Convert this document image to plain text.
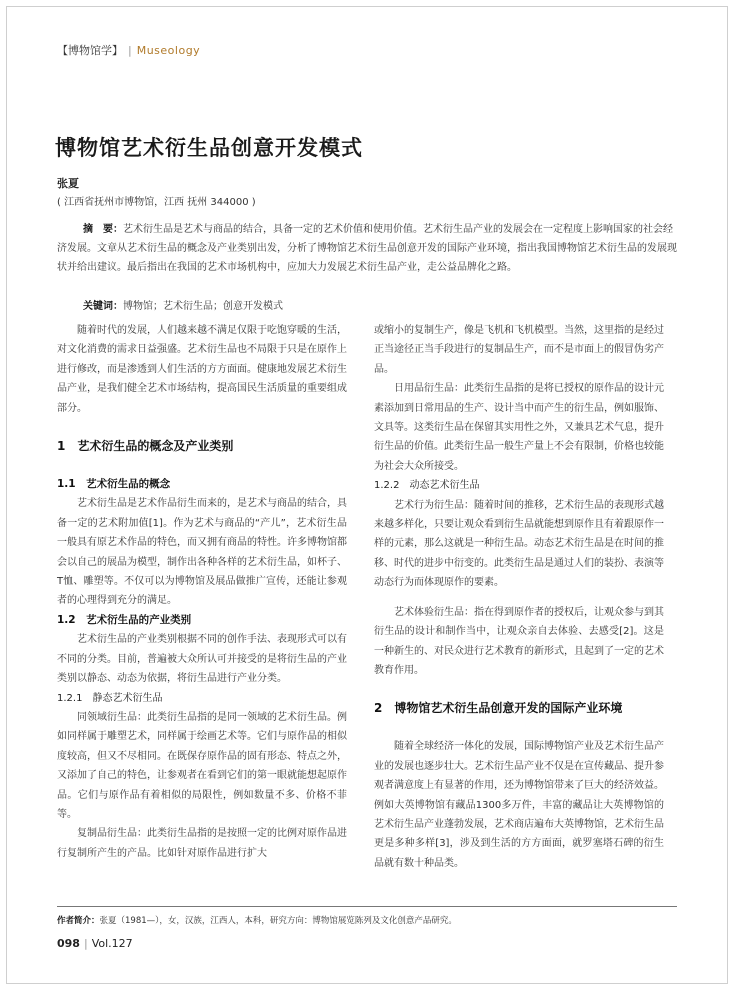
【博物馆学】 | Museology
博物馆艺术衍生品创意开发模式
张夏
( 江西省抚州市博物馆，江西 抚州 344000 )
摘　要：艺术衍生品是艺术与商品的结合，具备一定的艺术价值和使用价值。艺术衍生品产业的发展会在一定程度上影响国家的社会经济发展。文章从艺术衍生品的概念及产业类别出发，分析了博物馆艺术衍生品创意开发的国际产业环境，指出我国博物馆艺术衍生品的发展现状并给出建议。最后指出在我国的艺术市场机构中，应加大力发展艺术衍生品产业，走公益品牌化之路。
关键词：博物馆；艺术衍生品；创意开发模式

随着时代的发展，人们越来越不满足仅限于吃饱穿暖的生活，对文化消费的需求日益强盛。艺术衍生品也不局限于只是在原作上进行修改，而是渗透到人们生活的方方面面。健康地发展艺术衍生品产业，是我们健全艺术市场结构，提高国民生活质量的重要组成部分。

1　艺术衍生品的概念及产业类别
1.1　艺术衍生品的概念

艺术衍生品是艺术作品衍生而来的，是艺术与商品的结合，具备一定的艺术附加值[1]。作为艺术与商品的“产儿”，艺术衍生品一般具有原艺术作品的特色，而又拥有商品的特性。许多博物馆都会以自己的展品为模型，制作出各种各样的艺术衍生品，如杯子、T恤、雕塑等。不仅可以为博物馆及展品做推广宣传，还能让参观者的心理得到充分的满足。

1.2　艺术衍生品的产业类别

艺术衍生品的产业类别根据不同的创作手法、表现形式可以有不同的分类。目前，普遍被大众所认可并接受的是将衍生品的产业类别以静态、动态为依据，将衍生品进行产业分类。

1.2.1　静态艺术衍生品

同领域衍生品：此类衍生品指的是同一领域的艺术衍生品。例如同样属于雕塑艺术，同样属于绘画艺术等。它们与原作品的相似度较高，但又不尽相同。在既保存原作品的固有形态、特点之外，又添加了自己的特色，让参观者在看到它们的第一眼就能想起原作品。它们与原作品有着相似的局限性，例如数量不多、价格不菲等。

复制品衍生品：此类衍生品指的是按照一定的比例对原作品进行复制所产生的产品。比如针对原作品进行扩大

或缩小的复制生产，像是飞机和飞机模型。当然，这里指的是经过正当途径正当手段进行的复制品生产，而不是市面上的假冒伪劣产品。

日用品衍生品：此类衍生品指的是将已授权的原作品的设计元素添加到日常用品的生产、设计当中而产生的衍生品，例如服饰、文具等。这类衍生品在保留其实用性之外，又兼具艺术气息，提升衍生品的价值。此类衍生品一般生产量上不会有限制，价格也较能为社会大众所接受。

1.2.2　动态艺术衍生品

艺术行为衍生品：随着时间的推移，艺术衍生品的表现形式越来越多样化，只要让观众看到衍生品就能想到原作且有着跟原作一样的元素，那么这就是一种衍生品。动态艺术衍生品是在时间的推移、时代的进步中衍变的。此类衍生品是通过人们的装扮、表演等动态行为而体现原作的要素。

艺术体验衍生品：指在得到原作者的授权后，让观众参与到其衍生品的设计和制作当中，让观众亲自去体验、去感受[2]。这是一种新生的、对民众进行艺术教育的新形式，且起到了一定的艺术教育作用。

2　博物馆艺术衍生品创意开发的国际产业环境

随着全球经济一体化的发展，国际博物馆产业及艺术衍生品产业的发展也逐步壮大。艺术衍生品产业不仅是在宣传藏品、提升参观者满意度上有显著的作用，还为博物馆带来了巨大的经济效益。例如大英博物馆有藏品1300多万件，丰富的藏品让大英博物馆的艺术衍生品产业蓬勃发展，艺术商店遍布大英博物馆，艺术衍生品更是多种多样[3]，涉及到生活的方方面面，就罗塞塔石碑的衍生品就有数十种品类。

作者简介：张夏（1981—），女，汉族，江西人，本科，研究方向：博物馆展览陈列及文化创意产品研究。
098 | Vol.127
